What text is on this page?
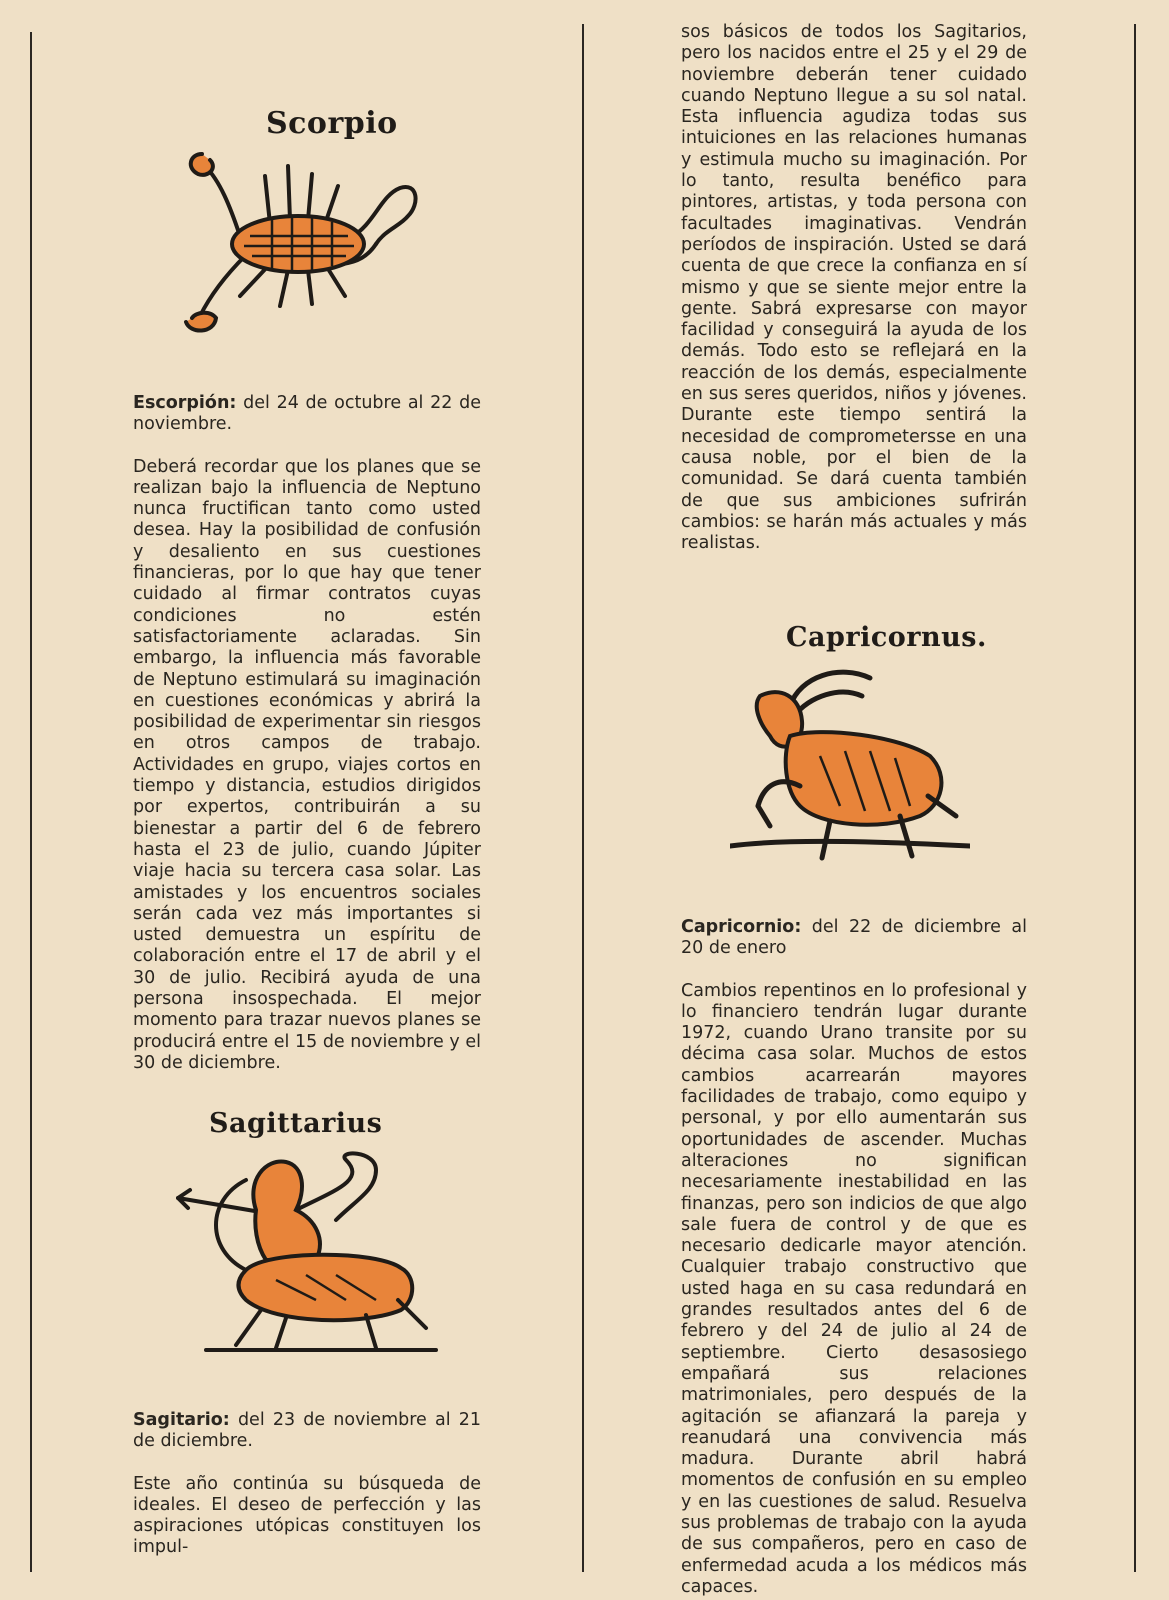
Scorpio

Escorpión: del 24 de octubre al 22 de noviembre.

Deberá recordar que los planes que se realizan bajo la influencia de Neptuno nunca fructifican tanto como usted desea. Hay la posibilidad de confusión y desaliento en sus cuestiones financieras, por lo que hay que tener cuidado al firmar contratos cuyas condiciones no estén satisfactoriamente aclaradas. Sin embargo, la influencia más favorable de Neptuno estimulará su imaginación en cuestiones económicas y abrirá la posibilidad de experimentar sin riesgos en otros campos de trabajo. Actividades en grupo, viajes cortos en tiempo y distancia, estudios dirigidos por expertos, contribuirán a su bienestar a partir del 6 de febrero hasta el 23 de julio, cuando Júpiter viaje hacia su tercera casa solar. Las amistades y los encuentros sociales serán cada vez más importantes si usted demuestra un espíritu de colaboración entre el 17 de abril y el 30 de julio. Recibirá ayuda de una persona insospechada. El mejor momento para trazar nuevos planes se producirá entre el 15 de noviembre y el 30 de diciembre.

Sagittarius

Sagitario: del 23 de noviembre al 21 de diciembre.

Este año continúa su búsqueda de ideales. El deseo de perfección y las aspiraciones utópicas constituyen los impul-

sos básicos de todos los Sagitarios, pero los nacidos entre el 25 y el 29 de noviembre deberán tener cuidado cuando Neptuno llegue a su sol natal. Esta influencia agudiza todas sus intuiciones en las relaciones humanas y estimula mucho su imaginación. Por lo tanto, resulta benéfico para pintores, artistas, y toda persona con facultades imaginativas. Vendrán períodos de inspiración. Usted se dará cuenta de que crece la confianza en sí mismo y que se siente mejor entre la gente. Sabrá expresarse con mayor facilidad y conseguirá la ayuda de los demás. Todo esto se reflejará en la reacción de los demás, especialmente en sus seres queridos, niños y jóvenes. Durante este tiempo sentirá la necesidad de comprometersse en una causa noble, por el bien de la comunidad. Se dará cuenta también de que sus ambiciones sufrirán cambios: se harán más actuales y más realistas.

Capricornus.

Capricornio: del 22 de diciembre al 20 de enero

Cambios repentinos en lo profesional y lo financiero tendrán lugar durante 1972, cuando Urano transite por su décima casa solar. Muchos de estos cambios acarrearán mayores facilidades de trabajo, como equipo y personal, y por ello aumentarán sus oportunidades de ascender. Muchas alteraciones no significan necesariamente inestabilidad en las finanzas, pero son indicios de que algo sale fuera de control y de que es necesario dedicarle mayor atención. Cualquier trabajo constructivo que usted haga en su casa redundará en grandes resultados antes del 6 de febrero y del 24 de julio al 24 de septiembre. Cierto desasosiego empañará sus relaciones matrimoniales, pero después de la agitación se afianzará la pareja y reanudará una convivencia más madura. Durante abril habrá momentos de confusión en su empleo y en las cuestiones de salud. Resuelva sus problemas de trabajo con la ayuda de sus compañeros, pero en caso de enfermedad acuda a los médicos más capaces.
